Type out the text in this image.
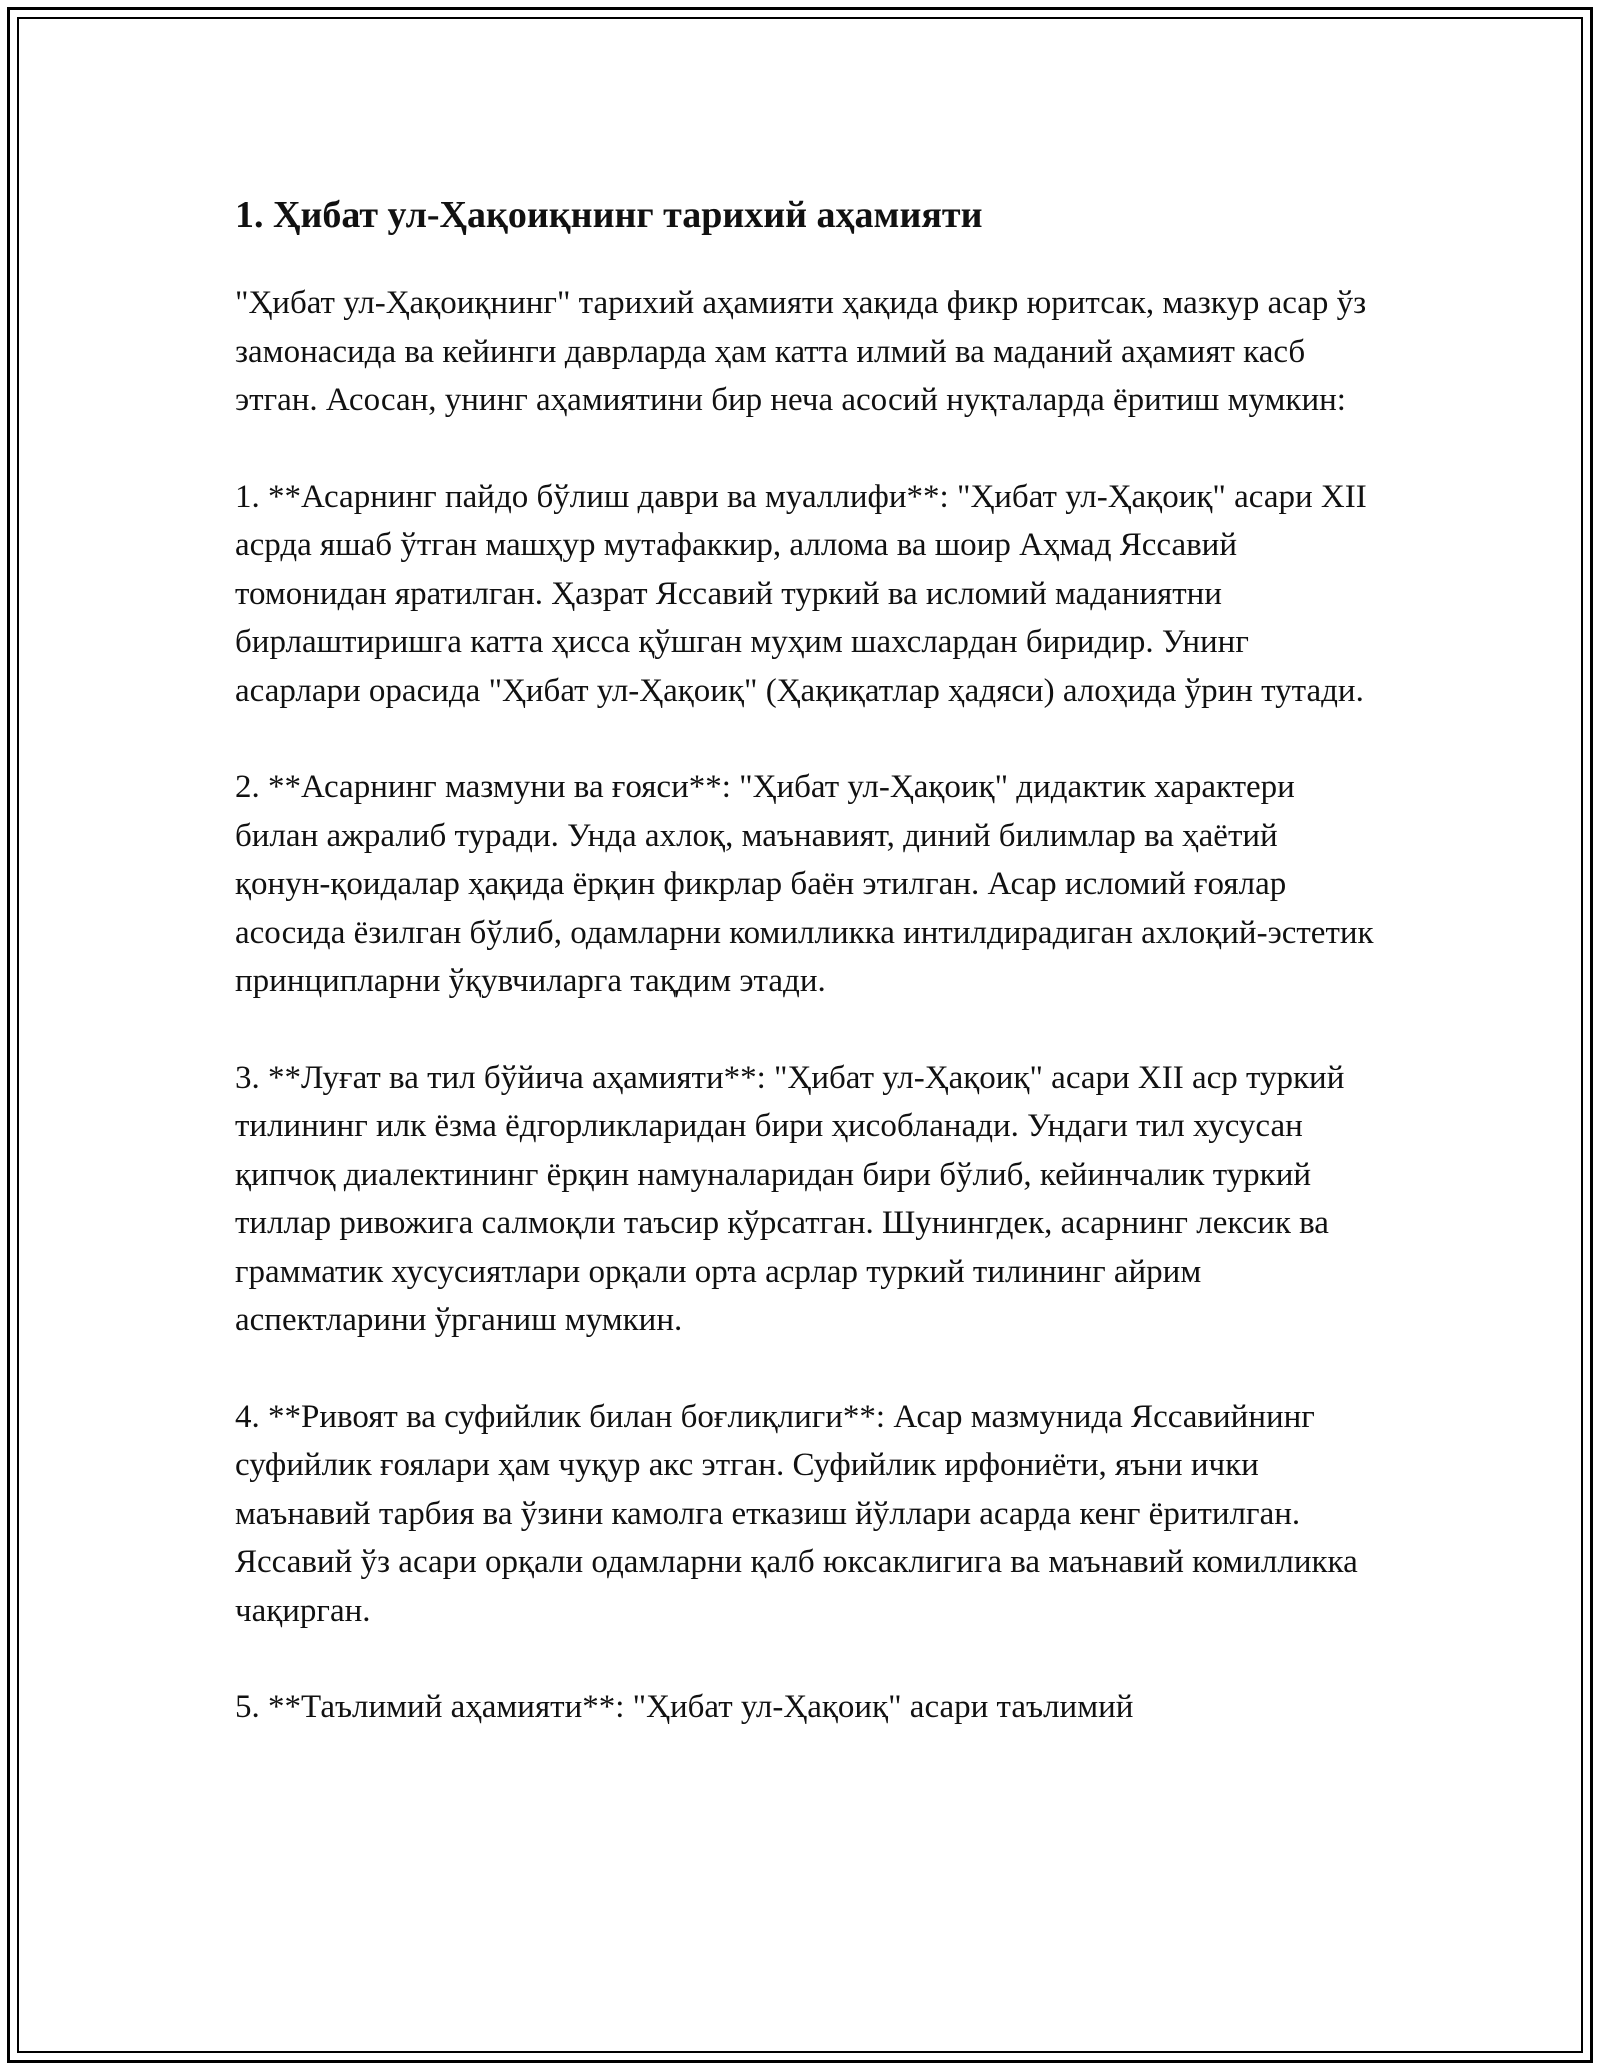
1. Ҳибат ул-Ҳақоиқнинг тарихий аҳамияти

"Ҳибат ул-Ҳақоиқнинг" тарихий аҳамияти ҳақида фикр юритсак, мазкур асар ўз замонасида ва кейинги даврларда ҳам катта илмий ва маданий аҳамият касб этган. Асосан, унинг аҳамиятини бир неча асосий нуқталарда ёритиш мумкин:

1. **Асарнинг пайдо бўлиш даври ва муаллифи**: "Ҳибат ул-Ҳақоиқ" асари XII асрда яшаб ўтган машҳур мутафаккир, аллома ва шоир Аҳмад Яссавий томонидан яратилган. Ҳазрат Яссавий туркий ва исломий маданиятни бирлаштиришга катта ҳисса қўшган муҳим шахслардан биридир. Унинг асарлари орасида "Ҳибат ул-Ҳақоиқ" (Ҳақиқатлар ҳадяси) алоҳида ўрин тутади.

2. **Асарнинг мазмуни ва ғояси**: "Ҳибат ул-Ҳақоиқ" дидактик характери билан ажралиб туради. Унда ахлоқ, маънавият, диний билимлар ва ҳаётий қонун-қоидалар ҳақида ёрқин фикрлар баён этилган. Асар исломий ғоялар асосида ёзилган бўлиб, одамларни комилликка интилдирадиган ахлоқий-эстетик принципларни ўқувчиларга тақдим этади.

3. **Луғат ва тил бўйича аҳамияти**: "Ҳибат ул-Ҳақоиқ" асари XII аср туркий тилининг илк ёзма ёдгорликларидан бири ҳисобланади. Ундаги тил хусусан қипчоқ диалектининг ёрқин намуналаридан бири бўлиб, кейинчалик туркий тиллар ривожига салмоқли таъсир кўрсатган. Шунингдек, асарнинг лексик ва грамматик хусусиятлари орқали орта асрлар туркий тилининг айрим аспектларини ўрганиш мумкин.

4. **Ривоят ва суфийлик билан боғлиқлиги**: Асар мазмунида Яссавийнинг суфийлик ғоялари ҳам чуқур акс этган. Суфийлик ирфониёти, яъни ички маънавий тарбия ва ўзини камолга етказиш йўллари асарда кенг ёритилган. Яссавий ўз асари орқали одамларни қалб юксаклигига ва маънавий комилликка чақирган.

5. **Таълимий аҳамияти**: "Ҳибат ул-Ҳақоиқ" асари таълимий
